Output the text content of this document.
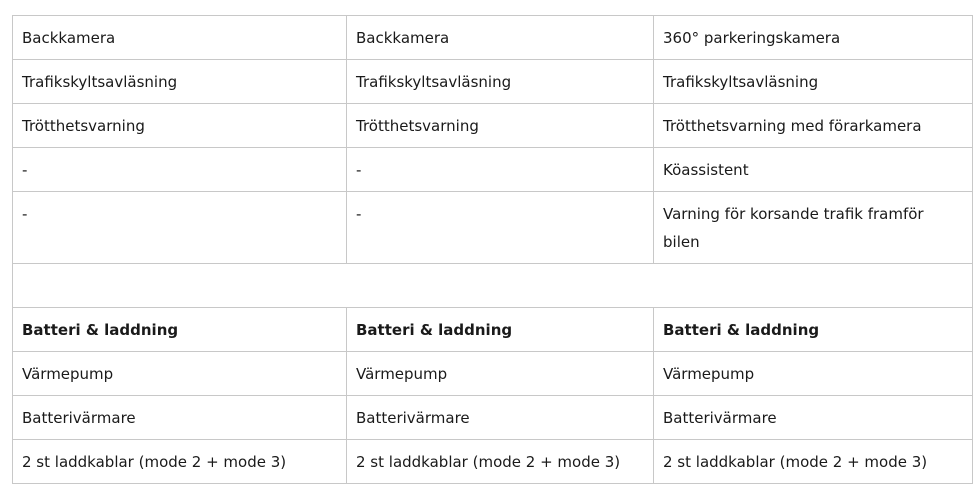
Backkamera	Backkamera	360° parkeringskamera
Trafikskyltsavläsning	Trafikskyltsavläsning	Trafikskyltsavläsning
Trötthetsvarning	Trötthetsvarning	Trötthetsvarning med förarkamera
-	-	Köassistent
-	-	Varning för korsande trafik framför bilen

Batteri & laddning	Batteri & laddning	Batteri & laddning
Värmepump	Värmepump	Värmepump
Batterivärmare	Batterivärmare	Batterivärmare
2 st laddkablar (mode 2 + mode 3)	2 st laddkablar (mode 2 + mode 3)	2 st laddkablar (mode 2 + mode 3)
